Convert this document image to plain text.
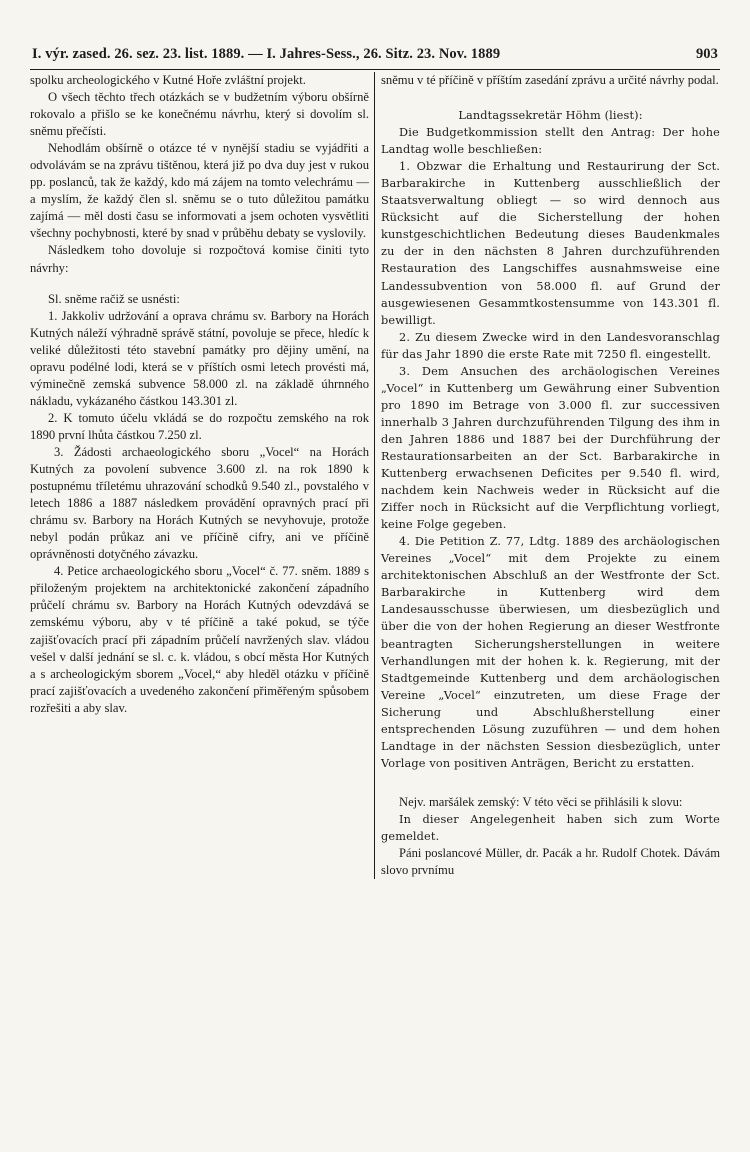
I. výr. zased. 26. sez. 23. list. 1889. — I. Jahres-Sess., 26. Sitz. 23. Nov. 1889	903

spolku archeologického v Kutné Hoře zvláštní projekt.

O všech těchto třech otázkách se v budžetním výboru obšírně rokovalo a přišlo se ke konečnému návrhu, který si dovolím sl. sněmu přečísti.

Nehodlám obšírně o otázce té v nynější stadiu se vyjádřiti a odvolávám se na zprávu tištěnou, která již po dva duy jest v rukou pp. poslanců, tak že každý, kdo má zájem na tomto velechrámu — a myslím, že každý člen sl. sněmu se o tuto důležitou památku zajímá — měl dosti času se informovati a jsem ochoten vysvětliti všechny pochybnosti, které by snad v průběhu debaty se vyslovily.

Následkem toho dovoluje si rozpočtová komise činiti tyto návrhy:

Sl. sněme račiž se usnésti:

1. Jakkoliv udržování a oprava chrámu sv. Barbory na Horách Kutných náleží výhradně správě státní, povoluje se přece, hledíc k veliké důležitosti této stavební památky pro dějiny umění, na opravu podélné lodi, která se v příštích osmi letech provésti má, výminečně zemská subvence 58.000 zl. na základě úhrnného nákladu, vykázaného částkou 143.301 zl.

2. K tomuto účelu vkládá se do rozpočtu zemského na rok 1890 první lhůta částkou 7.250 zl.

3. Žádosti archaeologického sboru „Vocel“ na Horách Kutných za povolení subvence 3.600 zl. na rok 1890 k postupnému tříletému uhrazování schodků 9.540 zl., povstalého v letech 1886 a 1887 následkem provádění opravných prací při chrámu sv. Barbory na Horách Kutných se nevyhovuje, protože nebyl podán průkaz ani ve příčině cifry, ani ve příčině oprávněnosti dotyčného závazku.

4. Petice archaeologického sboru „Vocel“ č. 77. sněm. 1889 s přiloženým projektem na architektonické zakončení západního průčelí chrámu sv. Barbory na Horách Kutných odevzdává se zemskému výboru, aby v té příčině a také pokud, se týče zajišťovacích prací při západním průčelí navržených slav. vládou vešel v další jednání se sl. c. k. vládou, s obcí města Hor Kutných a s archeologickým sborem „Vocel,“ aby hleděl otázku v příčině prací zajišťovacích a uvedeného zakončení přiměřeným spůsobem rozřešiti a aby slav.

sněmu v té příčině v příštím zasedání zprávu a určité návrhy podal.

Landtagssekretär Höhm (liest):

Die Budgetkommission stellt den Antrag: Der hohe Landtag wolle beschließen:

1. Obzwar die Erhaltung und Restaurirung der Sct. Barbarakirche in Kuttenberg ausschließlich der Staatsverwaltung obliegt — so wird dennoch aus Rücksicht auf die Sicherstellung der hohen kunstgeschichtlichen Bedeutung dieses Baudenkmales zu der in den nächsten 8 Jahren durchzuführenden Restauration des Langschiffes ausnahmsweise eine Landessubvention von 58.000 fl. auf Grund der ausgewiesenen Gesammtkostensumme von 143.301 fl. bewilligt.

2. Zu diesem Zwecke wird in den Landesvoranschlag für das Jahr 1890 die erste Rate mit 7250 fl. eingestellt.

3. Dem Ansuchen des archäologischen Vereines „Vocel“ in Kuttenberg um Gewährung einer Subvention pro 1890 im Betrage von 3.000 fl. zur successiven innerhalb 3 Jahren durchzuführenden Tilgung des ihm in den Jahren 1886 und 1887 bei der Durchführung der Restaurationsarbeiten an der Sct. Barbarakirche in Kuttenberg erwachsenen Deficites per 9.540 fl. wird, nachdem kein Nachweis weder in Rücksicht auf die Ziffer noch in Rücksicht auf die Verpflichtung vorliegt, keine Folge gegeben.

4. Die Petition Z. 77, Ldtg. 1889 des archäologischen Vereines „Vocel“ mit dem Projekte zu einem architektonischen Abschluß an der Westfronte der Sct. Barbarakirche in Kuttenberg wird dem Landesausschusse überwiesen, um diesbezüglich und über die von der hohen Regierung an dieser Westfronte beantragten Sicherungsherstellungen in weitere Verhandlungen mit der hohen k. k. Regierung, mit der Stadtgemeinde Kuttenberg und dem archäologischen Vereine „Vocel“ einzutreten, um diese Frage der Sicherung und Abschlußherstellung einer entsprechenden Lösung zuzuführen — und dem hohen Landtage in der nächsten Session diesbezüglich, unter Vorlage von positiven Anträgen, Bericht zu erstatten.

Nejv. maršálek zemský: V této věci se přihlásili k slovu:

In dieser Angelegenheit haben sich zum Worte gemeldet.

Páni poslancové Müller, dr. Pacák a hr. Rudolf Chotek. Dávám slovo prvnímu
